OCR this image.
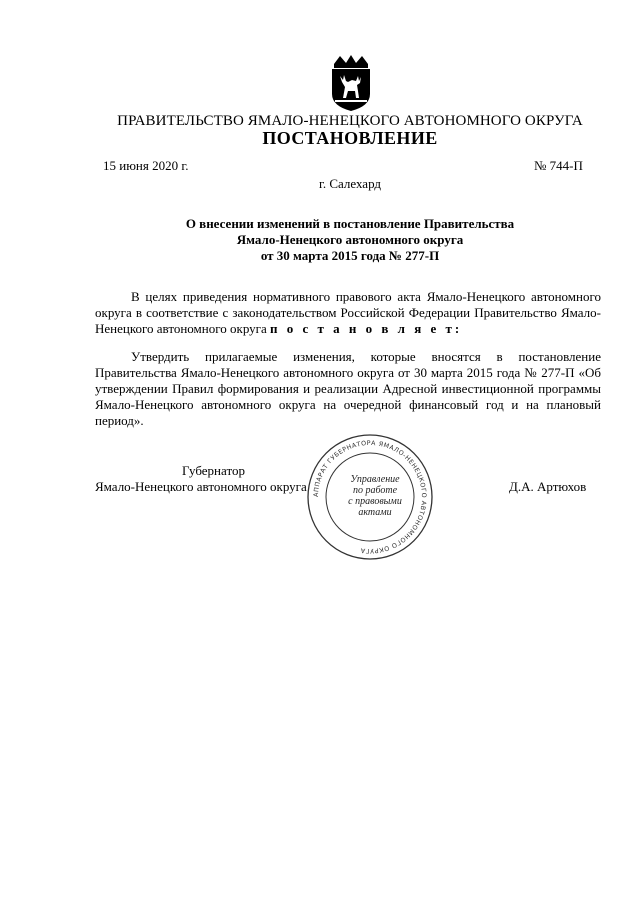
ПРАВИТЕЛЬСТВО ЯМАЛО-НЕНЕЦКОГО АВТОНОМНОГО ОКРУГА
ПОСТАНОВЛЕНИЕ
15 июня 2020 г.	№ 744-П
г. Салехард
О внесении изменений в постановление Правительства
Ямало-Ненецкого автономного округа
от 30 марта 2015 года № 277-П

В целях приведения нормативного правового акта Ямало-Ненецкого автономного округа в соответствие с законодательством Российской Федерации Правительство Ямало-Ненецкого автономного округа п о с т а н о в л я е т:

Утвердить прилагаемые изменения, которые вносятся в постановление Правительства Ямало-Ненецкого автономного округа от 30 марта 2015 года № 277-П «Об утверждении Правил формирования и реализации Адресной инвестиционной программы Ямало-Ненецкого автономного округа на очередной финансовый год и на плановый период».

АППАРАТ ГУБЕРНАТОРА ЯМАЛО-НЕНЕЦКОГО АВТОНОМНОГО ОКРУГА
Управление
по работе
с правовыми
актами
Губернатор
Ямало-Ненецкого автономного округа	Д.А. Артюхов
